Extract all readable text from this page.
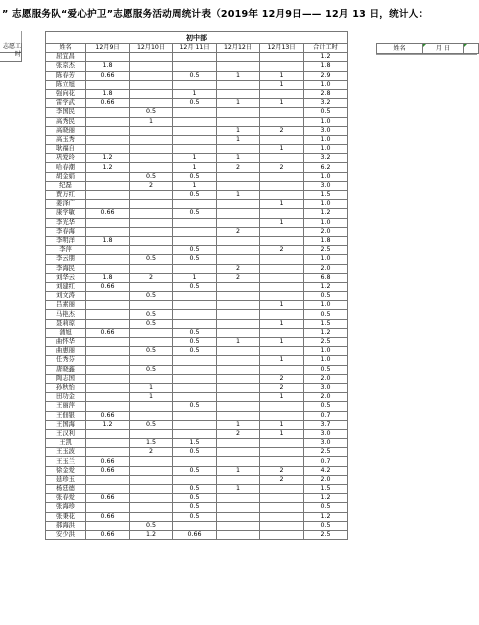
” 志愿服务队“爱心护卫”志愿服务活动周统计表（2019年 12月9日—— 12月 13 日，统计人：
志愿工时
初中部						
姓名	12月9日	12月10日	12月 11日	12月12日	12月13日	合计工时
屈宜昌						1.2
张京杰	1.8					1.8
陈春芳	0.66		0.5	1	1	2.9
陈立旭					1	1.0
强向花	1.8		1			2.8
雷学武	0.66		0.5	1	1	3.2
李国民		0.5				0.5
高秀民		1				1.0
高晓丽				1	2	3.0
高玉秀				1		1.0
耿福自					1	1.0
巩爱玲	1.2		1	1		3.2
哈春潮	1.2		1	2	2	6.2
胡金娟		0.5	0.5			1.0
纪磊		2	1			3.0
贾万红			0.5	1		1.5
姜泽广					1	1.0
康学敏	0.66		0.5			1.2
李光华					1	1.0
李春海				2		2.0
李明洋	1.8					1.8
李萍			0.5		2	2.5
李云朋		0.5	0.5			1.0
李海民				2		2.0
刘华云	1.8	2	1	2		6.8
刘建红	0.66		0.5			1.2
刘文涛		0.5				0.5
吕素丽					1	1.0
马艳杰		0.5				0.5
聂莉琼		0.5			1	1.5
蒲旭	0.66		0.5			1.2
曲怀华			0.5	1	1	2.5
曲惠丽		0.5	0.5			1.0
任秀芬					1	1.0
唐晓鑫		0.5				0.5
陶志国					2	2.0
孙秋怡		1			2	3.0
田功金		1			1	2.0
王丽萍			0.5			0.5
王佃银	0.66					0.7
王国海	1.2	0.5		1	1	3.7
王汉利				2	1	3.0
王凯		1.5	1.5			3.0
王玉波		2	0.5			2.5
王玉兰	0.66					0.7
徐金爱	0.66		0.5	1	2	4.2
延珍玉					2	2.0
杨廷德			0.5	1		1.5
张春爱	0.66		0.5			1.2
张海珍			0.5			0.5
张秉花	0.66		0.5			1.2
郝海洪		0.5				0.5
安少洪	0.66	1.2	0.66			2.5
姓名	月 日
